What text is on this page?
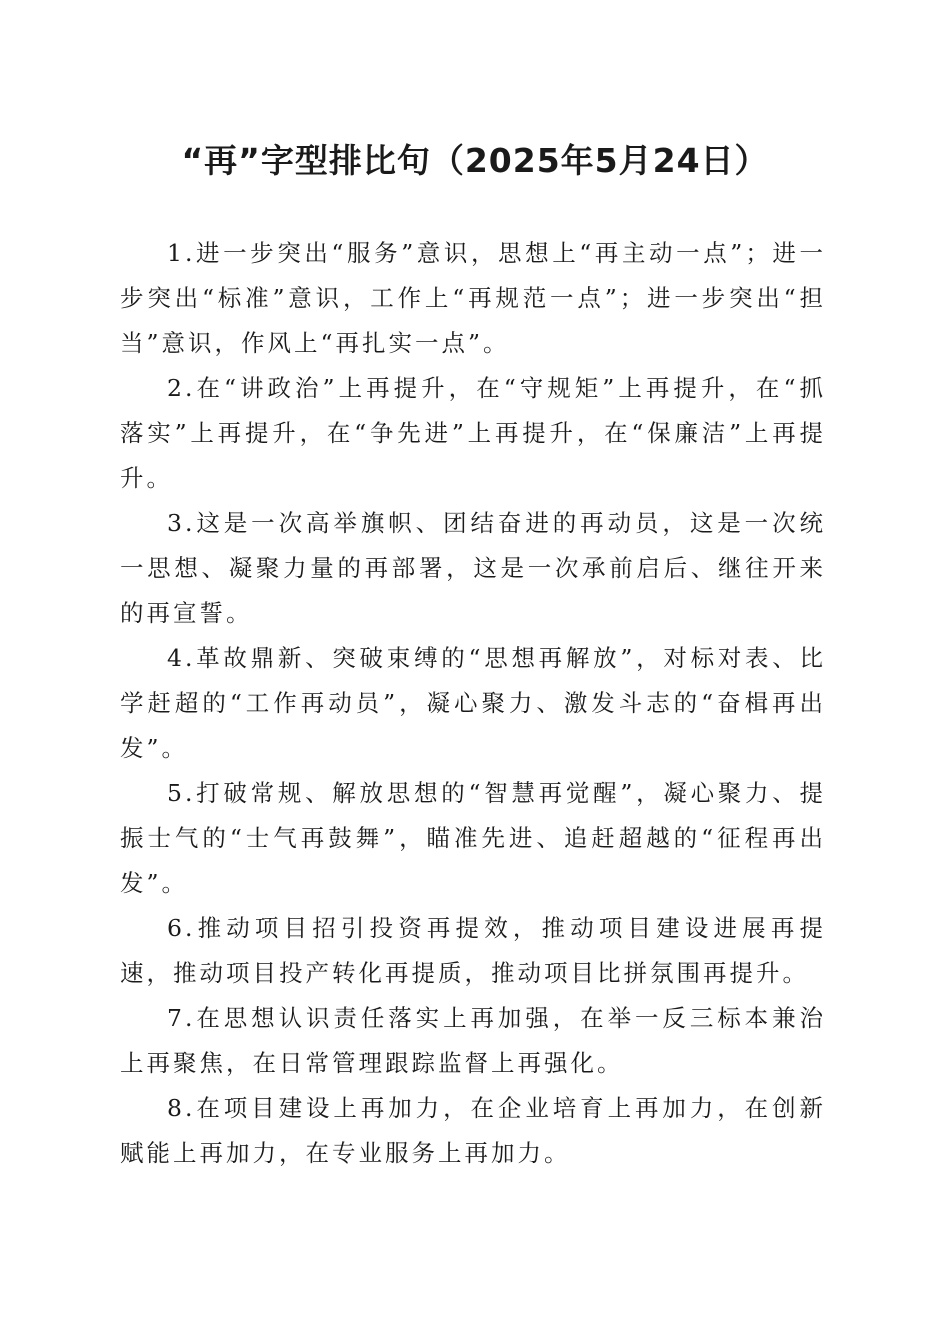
“再”字型排比句（2025年5月24日）

1.进一步突出“服务”意识，思想上“再主动一点”；进一步突出“标准”意识，工作上“再规范一点”；进一步突出“担当”意识，作风上“再扎实一点”。

2.在“讲政治”上再提升，在“守规矩”上再提升，在“抓落实”上再提升，在“争先进”上再提升，在“保廉洁”上再提升。

3.这是一次高举旗帜、团结奋进的再动员，这是一次统一思想、凝聚力量的再部署，这是一次承前启后、继往开来的再宣誓。

4.革故鼎新、突破束缚的“思想再解放”，对标对表、比学赶超的“工作再动员”，凝心聚力、激发斗志的“奋楫再出发”。

5.打破常规、解放思想的“智慧再觉醒”，凝心聚力、提振士气的“士气再鼓舞”，瞄准先进、追赶超越的“征程再出发”。

6.推动项目招引投资再提效，推动项目建设进展再提速，推动项目投产转化再提质，推动项目比拼氛围再提升。

7.在思想认识责任落实上再加强，在举一反三标本兼治上再聚焦，在日常管理跟踪监督上再强化。

8.在项目建设上再加力，在企业培育上再加力，在创新赋能上再加力，在专业服务上再加力。
